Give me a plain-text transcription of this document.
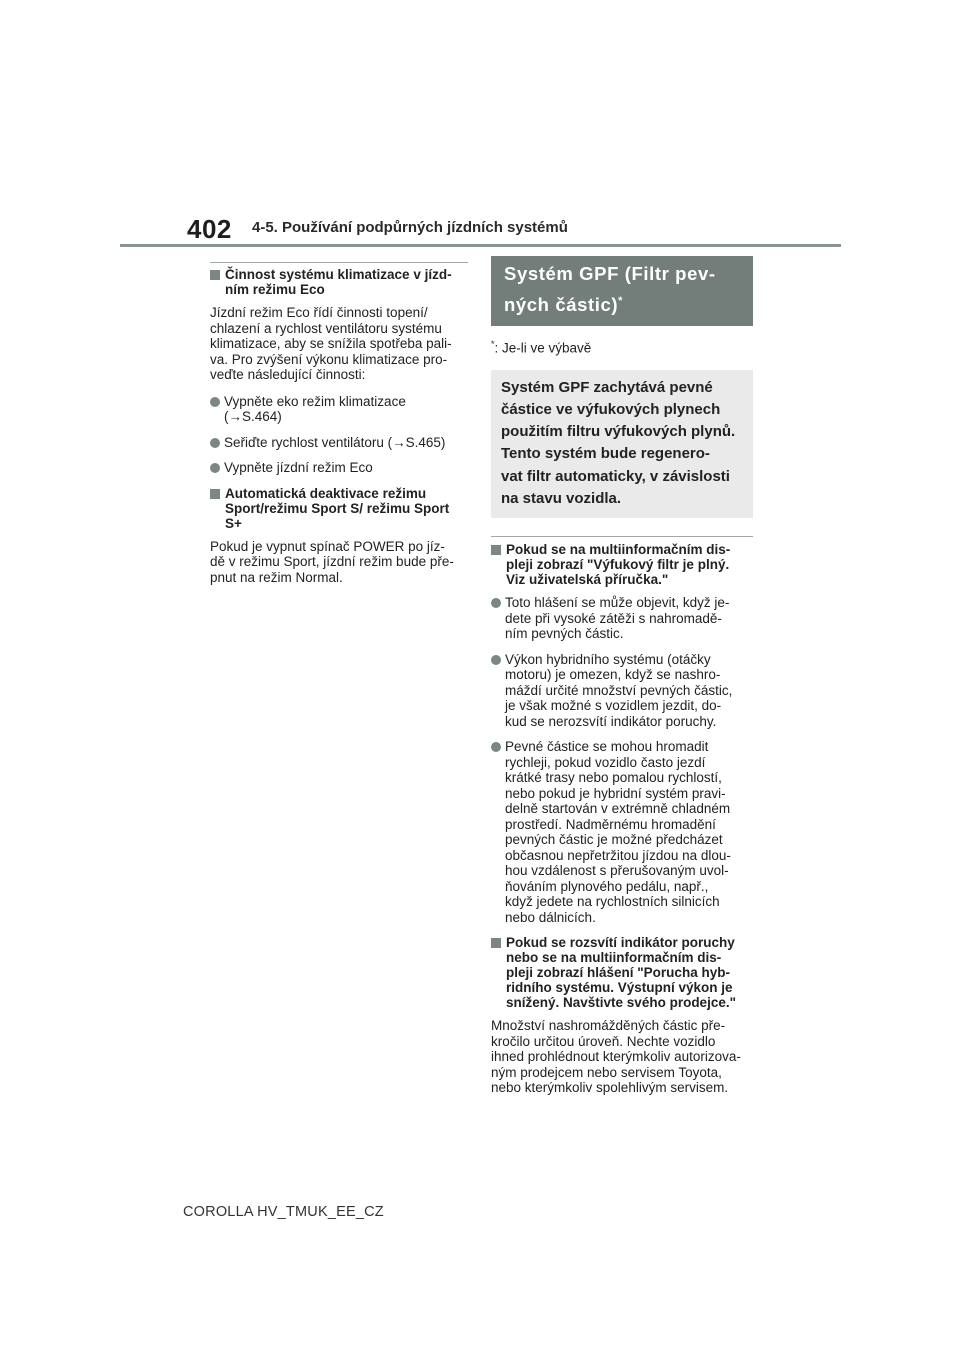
402 4-5. Používání podpůrných jízdních systémů
Činnost systému klimatizace v jízd-
ním režimu Eco
Jízdní režim Eco řídí činnosti topení/
chlazení a rychlost ventilátoru systému
klimatizace, aby se snížila spotřeba pali-
va. Pro zvýšení výkonu klimatizace pro-
veďte následující činnosti:
Vypněte eko režim klimatizace
(→S.464)
Seřiďte rychlost ventilátoru (→S.465)
Vypněte jízdní režim Eco
Automatická deaktivace režimu
Sport/režimu Sport S/ režimu Sport
S+
Pokud je vypnut spínač POWER po jíz-
dě v režimu Sport, jízdní režim bude pře-
pnut na režim Normal.
Systém GPF (Filtr pev-
ných částic)*
*: Je-li ve výbavě
Systém GPF zachytává pevné
částice ve výfukových plynech
použitím filtru výfukových plynů.
Tento systém bude regenero-
vat filtr automaticky, v závislosti
na stavu vozidla.
Pokud se na multiinformačním dis-
pleji zobrazí "Výfukový filtr je plný.
Viz uživatelská příručka."
Toto hlášení se může objevit, když je-
dete při vysoké zátěži s nahromadě-
ním pevných částic.
Výkon hybridního systému (otáčky
motoru) je omezen, když se nashro-
máždí určité množství pevných částic,
je však možné s vozidlem jezdit, do-
kud se nerozsvítí indikátor poruchy.
Pevné částice se mohou hromadit
rychleji, pokud vozidlo často jezdí
krátké trasy nebo pomalou rychlostí,
nebo pokud je hybridní systém pravi-
delně startován v extrémně chladném
prostředí. Nadměrnému hromadění
pevných částic je možné předcházet
občasnou nepřetržitou jízdou na dlou-
hou vzdálenost s přerušovaným uvol-
ňováním plynového pedálu, např.,
když jedete na rychlostních silnicích
nebo dálnicích.
Pokud se rozsvítí indikátor poruchy
nebo se na multiinformačním dis-
pleji zobrazí hlášení "Porucha hyb-
ridního systému. Výstupní výkon je
snížený. Navštivte svého prodejce."
Množství nashromážděných částic pře-
kročilo určitou úroveň. Nechte vozidlo
ihned prohlédnout kterýmkoliv autorizova-
ným prodejcem nebo servisem Toyota,
nebo kterýmkoliv spolehlivým servisem.
COROLLA HV_TMUK_EE_CZ
